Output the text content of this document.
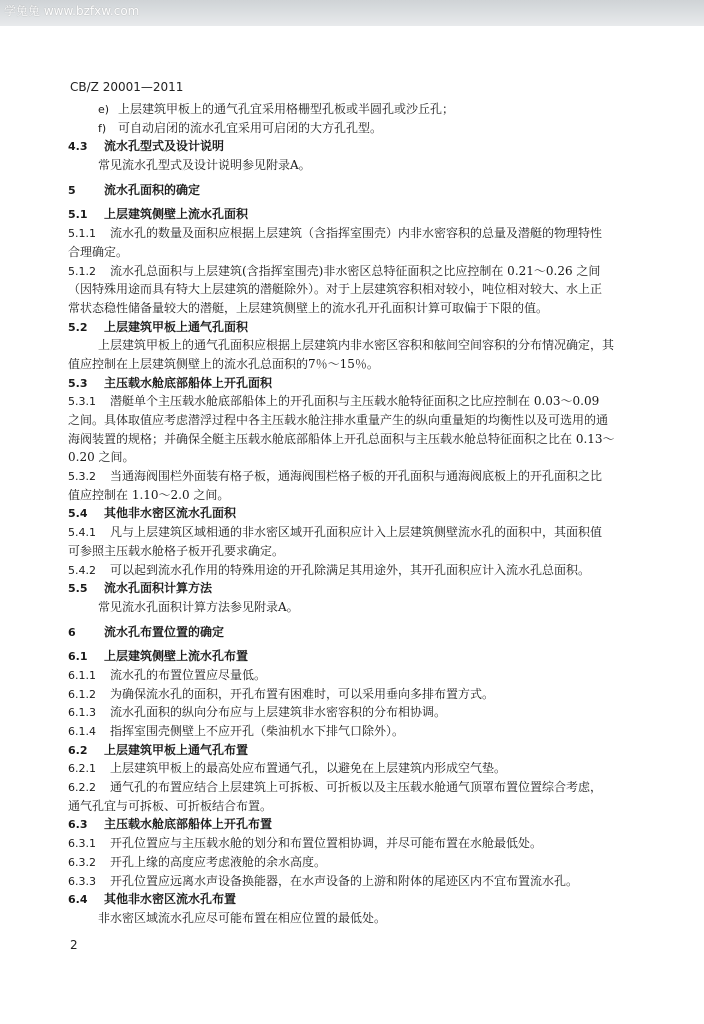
学兔兔 www.bzfxw.com
CB/Z 20001—2011
e) 上层建筑甲板上的通气孔宜采用格栅型孔板或半圆孔或沙丘孔；
f) 可自动启闭的流水孔宜采用可启闭的大方孔孔型。
4.3 流水孔型式及设计说明
常见流水孔型式及设计说明参见附录A。
5 流水孔面积的确定
5.1 上层建筑侧壁上流水孔面积
5.1.1 流水孔的数量及面积应根据上层建筑（含指挥室围壳）内非水密容积的总量及潜艇的物理特性
合理确定。
5.1.2 流水孔总面积与上层建筑(含指挥室围壳)非水密区总特征面积之比应控制在 0.21～0.26 之间
（因特殊用途而具有特大上层建筑的潜艇除外）。对于上层建筑容积相对较小，吨位相对较大、水上正
常状态稳性储备量较大的潜艇，上层建筑侧壁上的流水孔开孔面积计算可取偏于下限的值。
5.2 上层建筑甲板上通气孔面积
上层建筑甲板上的通气孔面积应根据上层建筑内非水密区容积和舷间空间容积的分布情况确定，其
值应控制在上层建筑侧壁上的流水孔总面积的7％～15％。
5.3 主压载水舱底部船体上开孔面积
5.3.1 潜艇单个主压载水舱底部船体上的开孔面积与主压载水舱特征面积之比应控制在 0.03～0.09
之间。具体取值应考虑潜浮过程中各主压载水舱注排水重量产生的纵向重量矩的均衡性以及可选用的通
海阀装置的规格；并确保全艇主压载水舱底部船体上开孔总面积与主压载水舱总特征面积之比在 0.13～
0.20 之间。
5.3.2 当通海阀围栏外面装有格子板，通海阀围栏格子板的开孔面积与通海阀底板上的开孔面积之比
值应控制在 1.10～2.0 之间。
5.4 其他非水密区流水孔面积
5.4.1 凡与上层建筑区域相通的非水密区域开孔面积应计入上层建筑侧壁流水孔的面积中，其面积值
可参照主压载水舱格子板开孔要求确定。
5.4.2 可以起到流水孔作用的特殊用途的开孔除满足其用途外，其开孔面积应计入流水孔总面积。
5.5 流水孔面积计算方法
常见流水孔面积计算方法参见附录A。
6 流水孔布置位置的确定
6.1 上层建筑侧壁上流水孔布置
6.1.1 流水孔的布置位置应尽量低。
6.1.2 为确保流水孔的面积，开孔布置有困难时，可以采用垂向多排布置方式。
6.1.3 流水孔面积的纵向分布应与上层建筑非水密容积的分布相协调。
6.1.4 指挥室围壳侧壁上不应开孔（柴油机水下排气口除外）。
6.2 上层建筑甲板上通气孔布置
6.2.1 上层建筑甲板上的最高处应布置通气孔，以避免在上层建筑内形成空气垫。
6.2.2 通气孔的布置应结合上层建筑上可拆板、可折板以及主压载水舱通气顶罩布置位置综合考虑，
通气孔宜与可拆板、可折板结合布置。
6.3 主压载水舱底部船体上开孔布置
6.3.1 开孔位置应与主压载水舱的划分和布置位置相协调，并尽可能布置在水舱最低处。
6.3.2 开孔上缘的高度应考虑液舱的余水高度。
6.3.3 开孔位置应远离水声设备换能器，在水声设备的上游和附体的尾迹区内不宜布置流水孔。
6.4 其他非水密区流水孔布置
非水密区域流水孔应尽可能布置在相应位置的最低处。
2
